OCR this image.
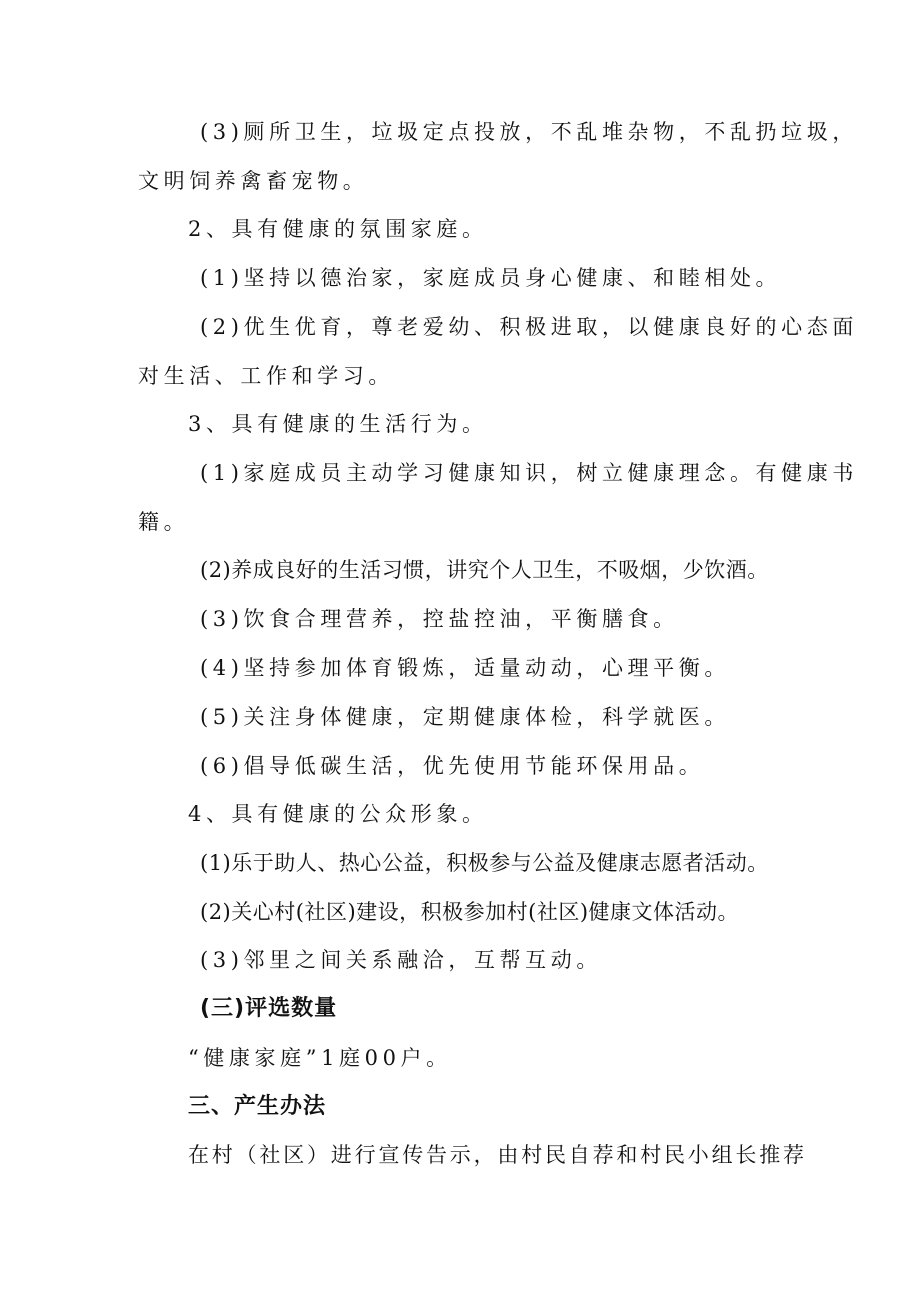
(3)厕所卫生，垃圾定点投放，不乱堆杂物，不乱扔垃圾，
文明饲养禽畜宠物。
2、具有健康的氛围家庭。
(1)坚持以德治家，家庭成员身心健康、和睦相处。
(2)优生优育，尊老爱幼、积极进取，以健康良好的心态面
对生活、工作和学习。
3、具有健康的生活行为。
(1)家庭成员主动学习健康知识，树立健康理念。有健康书
籍。
(2)养成良好的生活习惯，讲究个人卫生，不吸烟，少饮酒。
(3)饮食合理营养，控盐控油，平衡膳食。
(4)坚持参加体育锻炼，适量动动，心理平衡。
(5)关注身体健康，定期健康体检，科学就医。
(6)倡导低碳生活，优先使用节能环保用品。
4、具有健康的公众形象。
(1)乐于助人、热心公益，积极参与公益及健康志愿者活动。
(2)关心村(社区)建设，积极参加村(社区)健康文体活动。
(3)邻里之间关系融洽，互帮互动。
(三)评选数量
“健康家庭”1庭00户。
三、产生办法
在村（社区）进行宣传告示，由村民自荐和村民小组长推荐
